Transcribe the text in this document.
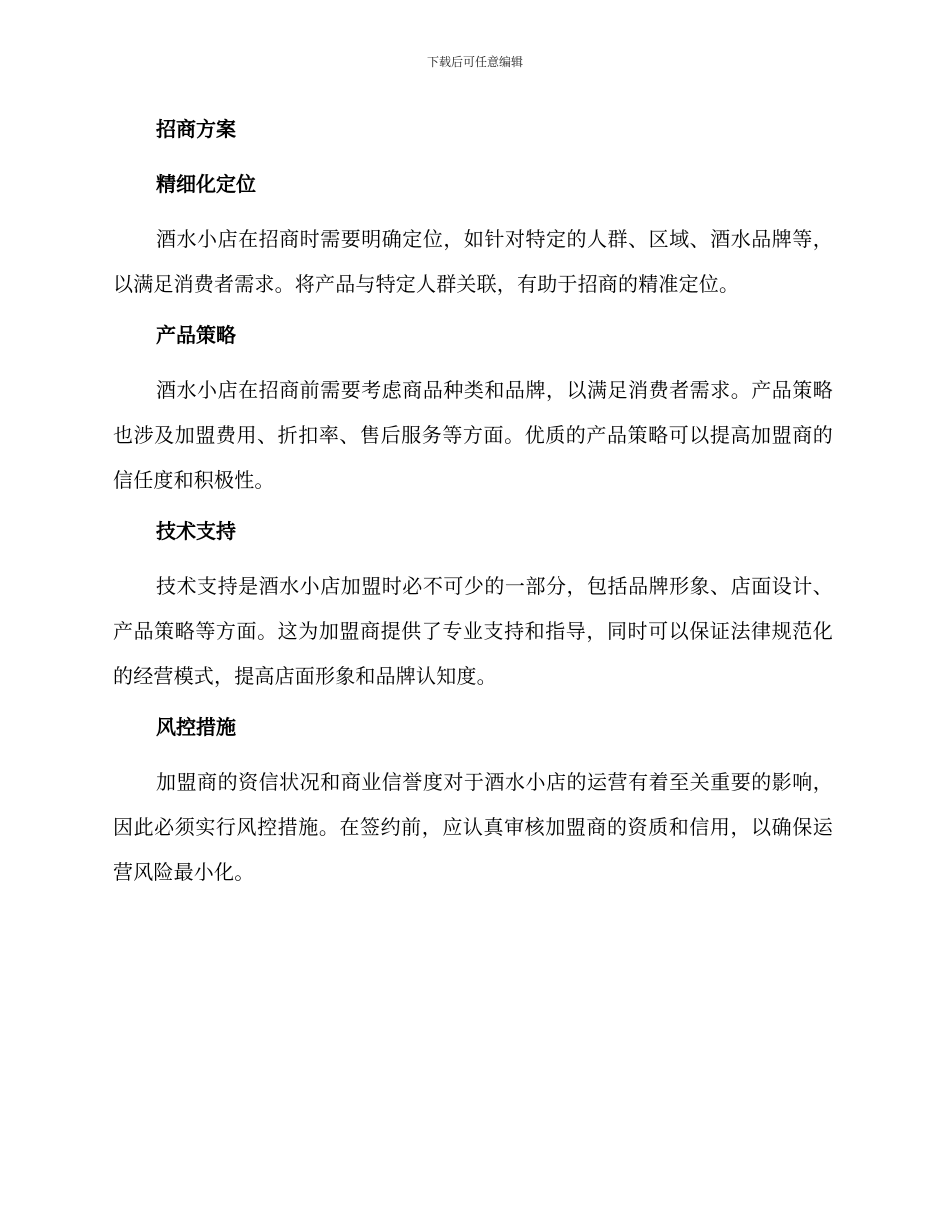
下载后可任意编辑
招商方案
精细化定位

酒水小店在招商时需要明确定位，如针对特定的人群、区域、酒水品牌等，以满足消费者需求。将产品与特定人群关联，有助于招商的精准定位。

产品策略

酒水小店在招商前需要考虑商品种类和品牌，以满足消费者需求。产品策略也涉及加盟费用、折扣率、售后服务等方面。优质的产品策略可以提高加盟商的信任度和积极性。

技术支持

技术支持是酒水小店加盟时必不可少的一部分，包括品牌形象、店面设计、产品策略等方面。这为加盟商提供了专业支持和指导，同时可以保证法律规范化的经营模式，提高店面形象和品牌认知度。

风控措施

加盟商的资信状况和商业信誉度对于酒水小店的运营有着至关重要的影响，因此必须实行风控措施。在签约前，应认真审核加盟商的资质和信用，以确保运营风险最小化。
